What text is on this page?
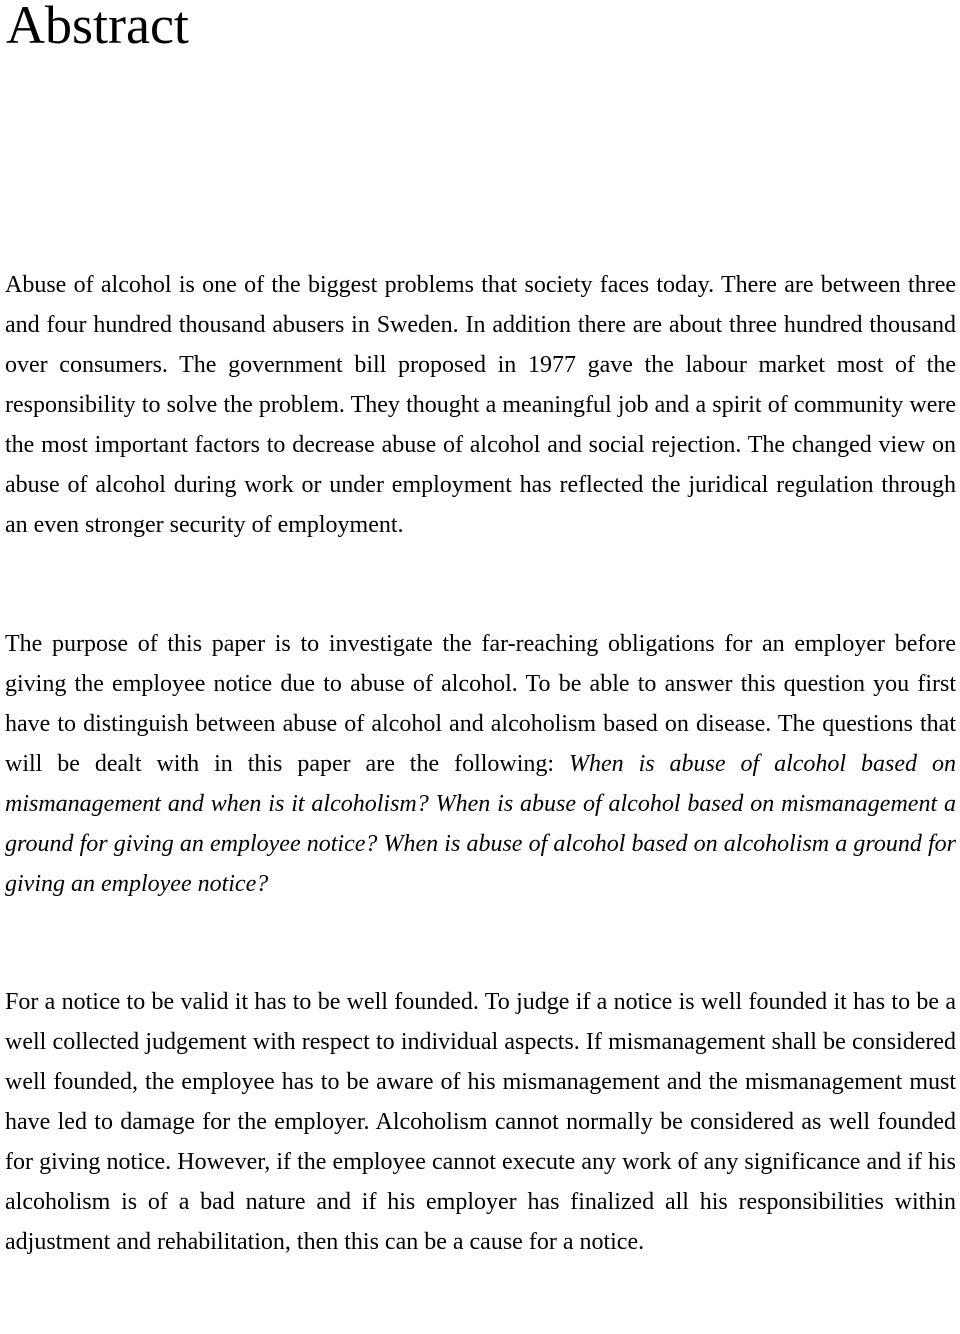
Abstract

Abuse of alcohol is one of the biggest problems that society faces today. There are between three and four hundred thousand abusers in Sweden. In addition there are about three hundred thousand over consumers. The government bill proposed in 1977 gave the labour market most of the responsibility to solve the problem. They thought a meaningful job and a spirit of community were the most important factors to decrease abuse of alcohol and social rejection. The changed view on abuse of alcohol during work or under employment has reflected the juridical regulation through an even stronger security of employment.

The purpose of this paper is to investigate the far-reaching obligations for an employer before giving the employee notice due to abuse of alcohol. To be able to answer this question you first have to distinguish between abuse of alcohol and alcoholism based on disease. The questions that will be dealt with in this paper are the following: When is abuse of alcohol based on mismanagement and when is it alcoholism? When is abuse of alcohol based on mismanagement a ground for giving an employee notice? When is abuse of alcohol based on alcoholism a ground for giving an employee notice?

For a notice to be valid it has to be well founded. To judge if a notice is well founded it has to be a well collected judgement with respect to individual aspects. If mismanagement shall be considered well founded, the employee has to be aware of his mismanagement and the mismanagement must have led to damage for the employer. Alcoholism cannot normally be considered as well founded for giving notice. However, if the employee cannot execute any work of any significance and if his alcoholism is of a bad nature and if his employer has finalized all his responsibilities within adjustment and rehabilitation, then this can be a cause for a notice.
